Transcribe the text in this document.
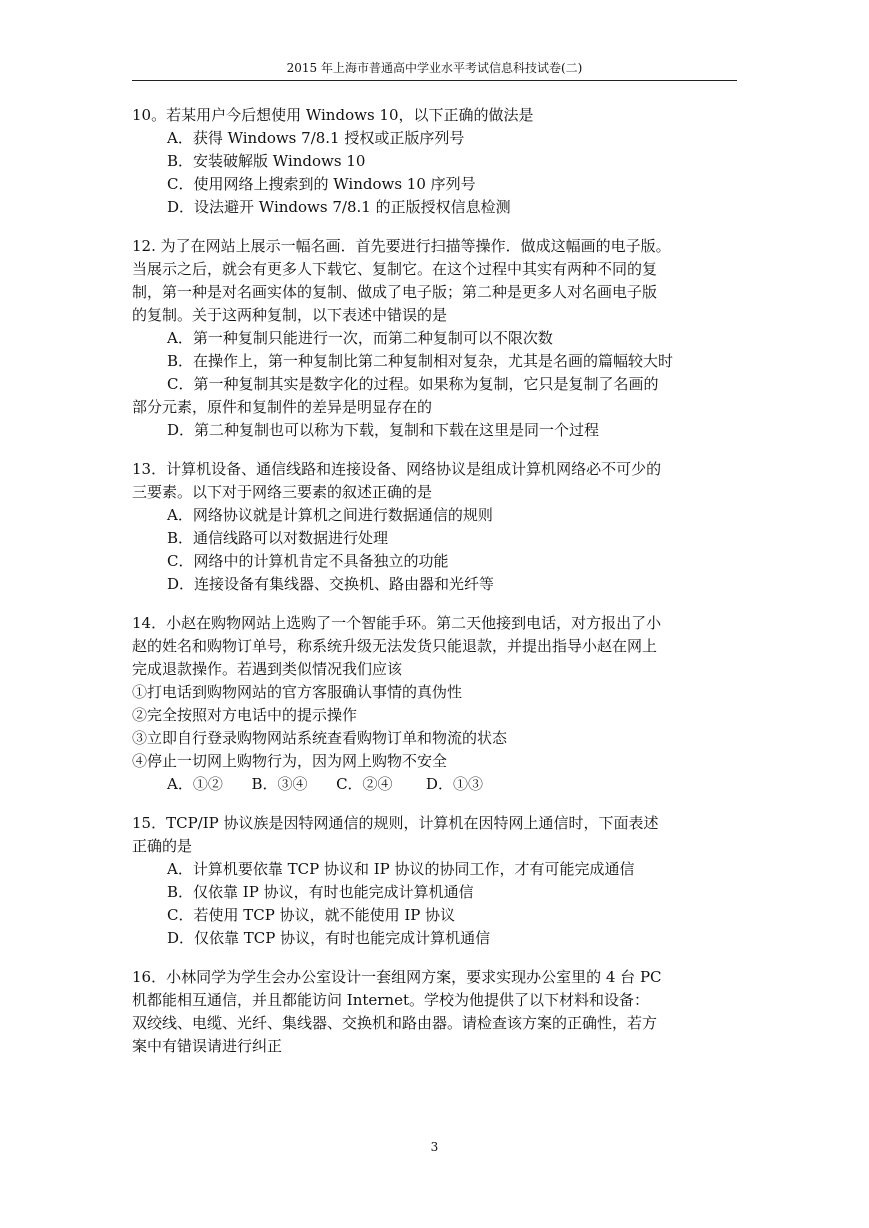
2015 年上海市普通高中学业水平考试信息科技试卷(二)

10。若某用户今后想使用 Windows 10，以下正确的做法是

A．获得 Windows 7/8.1 授权或正版序列号

B．安装破解版 Windows 10

C．使用网络上搜索到的 Windows 10 序列号

D．设法避开 Windows 7/8.1 的正版授权信息检测

12. 为了在网站上展示一幅名画．首先要进行扫描等操作．做成这幅画的电子版。

当展示之后，就会有更多人下载它、复制它。在这个过程中其实有两种不同的复

制，第一种是对名画实体的复制、做成了电子版；第二种是更多人对名画电子版

的复制。关于这两种复制，以下表述中错误的是

A．第一种复制只能进行一次，而第二种复制可以不限次数

B．在操作上，第一种复制比第二种复制相对复杂，尤其是名画的篇幅较大时

C．第一种复制其实是数字化的过程。如果称为复制，它只是复制了名画的

部分元素，原件和复制件的差异是明显存在的

D．第二种复制也可以称为下载，复制和下载在这里是同一个过程

13．计算机设备、通信线路和连接设备、网络协议是组成计算机网络必不可少的

三要素。以下对于网络三要素的叙述正确的是

A．网络协议就是计算机之间进行数据通信的规则

B．通信线路可以对数据进行处理

C．网络中的计算机肯定不具备独立的功能

D．连接设备有集线器、交换机、路由器和光纤等

14．小赵在购物网站上选购了一个智能手环。第二天他接到电话，对方报出了小

赵的姓名和购物订单号，称系统升级无法发货只能退款，并提出指导小赵在网上

完成退款操作。若遇到类似情况我们应该

①打电话到购物网站的官方客服确认事情的真伪性

②完全按照对方电话中的提示操作

③立即自行登录购物网站系统查看购物订单和物流的状态

④停止一切网上购物行为，因为网上购物不安全

A．①②      B．③④      C．②④       D．①③

15．TCP/IP 协议族是因特网通信的规则，计算机在因特网上通信时，下面表述

正确的是

A．计算机要依靠 TCP 协议和 IP 协议的协同工作，才有可能完成通信

B．仅依靠 IP 协议，有时也能完成计算机通信

C．若使用 TCP 协议，就不能使用 IP 协议

D．仅依靠 TCP 协议，有时也能完成计算机通信

16．小林同学为学生会办公室设计一套组网方案，要求实现办公室里的 4 台 PC

机都能相互通信，并且都能访问 Internet。学校为他提供了以下材料和设备：

双绞线、电缆、光纤、集线器、交换机和路由器。请检查该方案的正确性，若方

案中有错误请进行纠正

3
